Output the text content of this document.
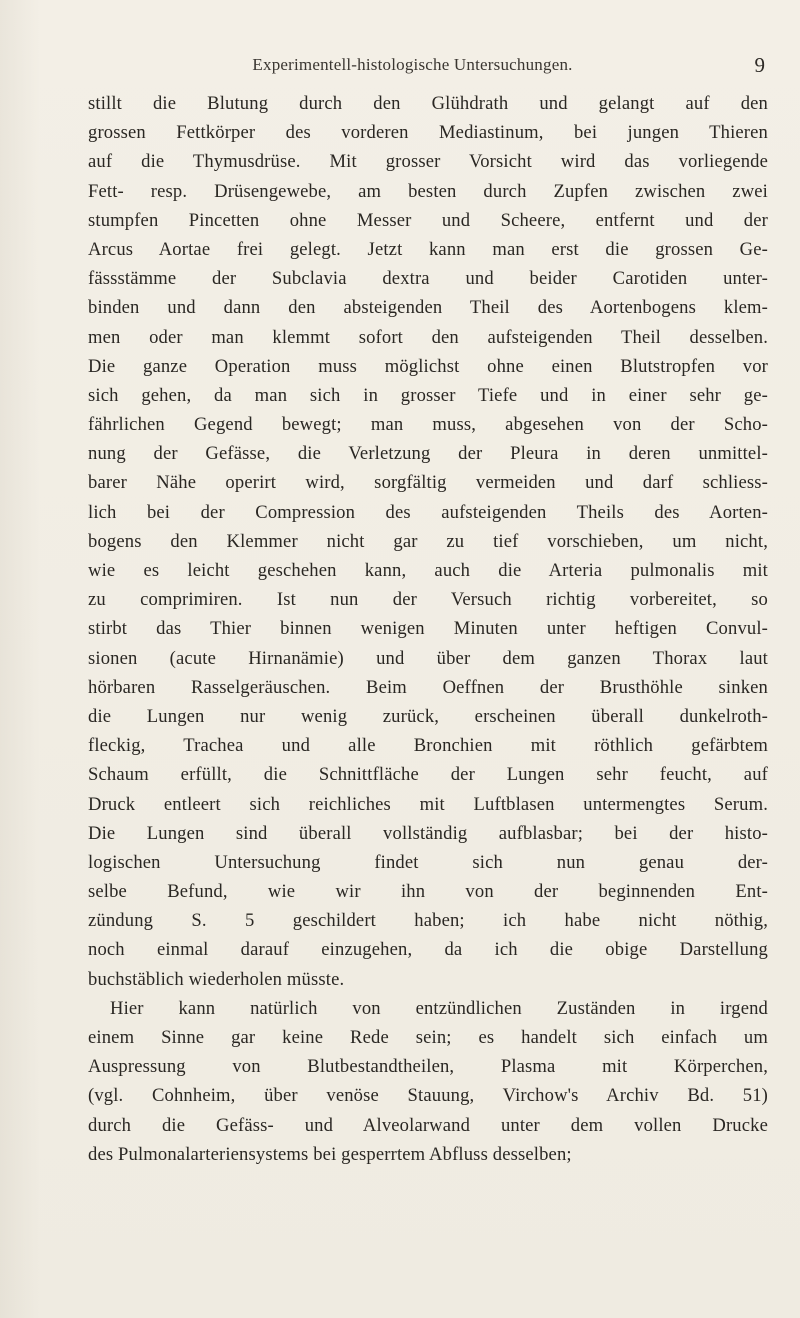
Experimentell-histologische Untersuchungen.	9
stillt die Blutung durch den Glühdrath und gelangt auf den
grossen Fettkörper des vorderen Mediastinum, bei jungen Thieren
auf die Thymusdrüse. Mit grosser Vorsicht wird das vorliegende
Fett- resp. Drüsengewebe, am besten durch Zupfen zwischen zwei
stumpfen Pincetten ohne Messer und Scheere, entfernt und der
Arcus Aortae frei gelegt. Jetzt kann man erst die grossen Ge-
fässstämme der Subclavia dextra und beider Carotiden unter-
binden und dann den absteigenden Theil des Aortenbogens klem-
men oder man klemmt sofort den aufsteigenden Theil desselben.
Die ganze Operation muss möglichst ohne einen Blutstropfen vor
sich gehen, da man sich in grosser Tiefe und in einer sehr ge-
fährlichen Gegend bewegt; man muss, abgesehen von der Scho-
nung der Gefässe, die Verletzung der Pleura in deren unmittel-
barer Nähe operirt wird, sorgfältig vermeiden und darf schliess-
lich bei der Compression des aufsteigenden Theils des Aorten-
bogens den Klemmer nicht gar zu tief vorschieben, um nicht,
wie es leicht geschehen kann, auch die Arteria pulmonalis mit
zu comprimiren. Ist nun der Versuch richtig vorbereitet, so
stirbt das Thier binnen wenigen Minuten unter heftigen Convul-
sionen (acute Hirnanämie) und über dem ganzen Thorax laut
hörbaren Rasselgeräuschen. Beim Oeffnen der Brusthöhle sinken
die Lungen nur wenig zurück, erscheinen überall dunkelroth-
fleckig, Trachea und alle Bronchien mit röthlich gefärbtem
Schaum erfüllt, die Schnittfläche der Lungen sehr feucht, auf
Druck entleert sich reichliches mit Luftblasen untermengtes Serum.
Die Lungen sind überall vollständig aufblasbar; bei der histo-
logischen Untersuchung findet sich nun genau der-
selbe Befund, wie wir ihn von der beginnenden Ent-
zündung S. 5 geschildert haben; ich habe nicht nöthig,
noch einmal darauf einzugehen, da ich die obige Darstellung
buchstäblich wiederholen müsste.
Hier kann natürlich von entzündlichen Zuständen in irgend
einem Sinne gar keine Rede sein; es handelt sich einfach um
Auspressung von Blutbestandtheilen, Plasma mit Körperchen,
(vgl. Cohnheim, über venöse Stauung, Virchow's Archiv Bd. 51)
durch die Gefäss- und Alveolarwand unter dem vollen Drucke
des Pulmonalarteriensystems bei gesperrtem Abfluss desselben;
